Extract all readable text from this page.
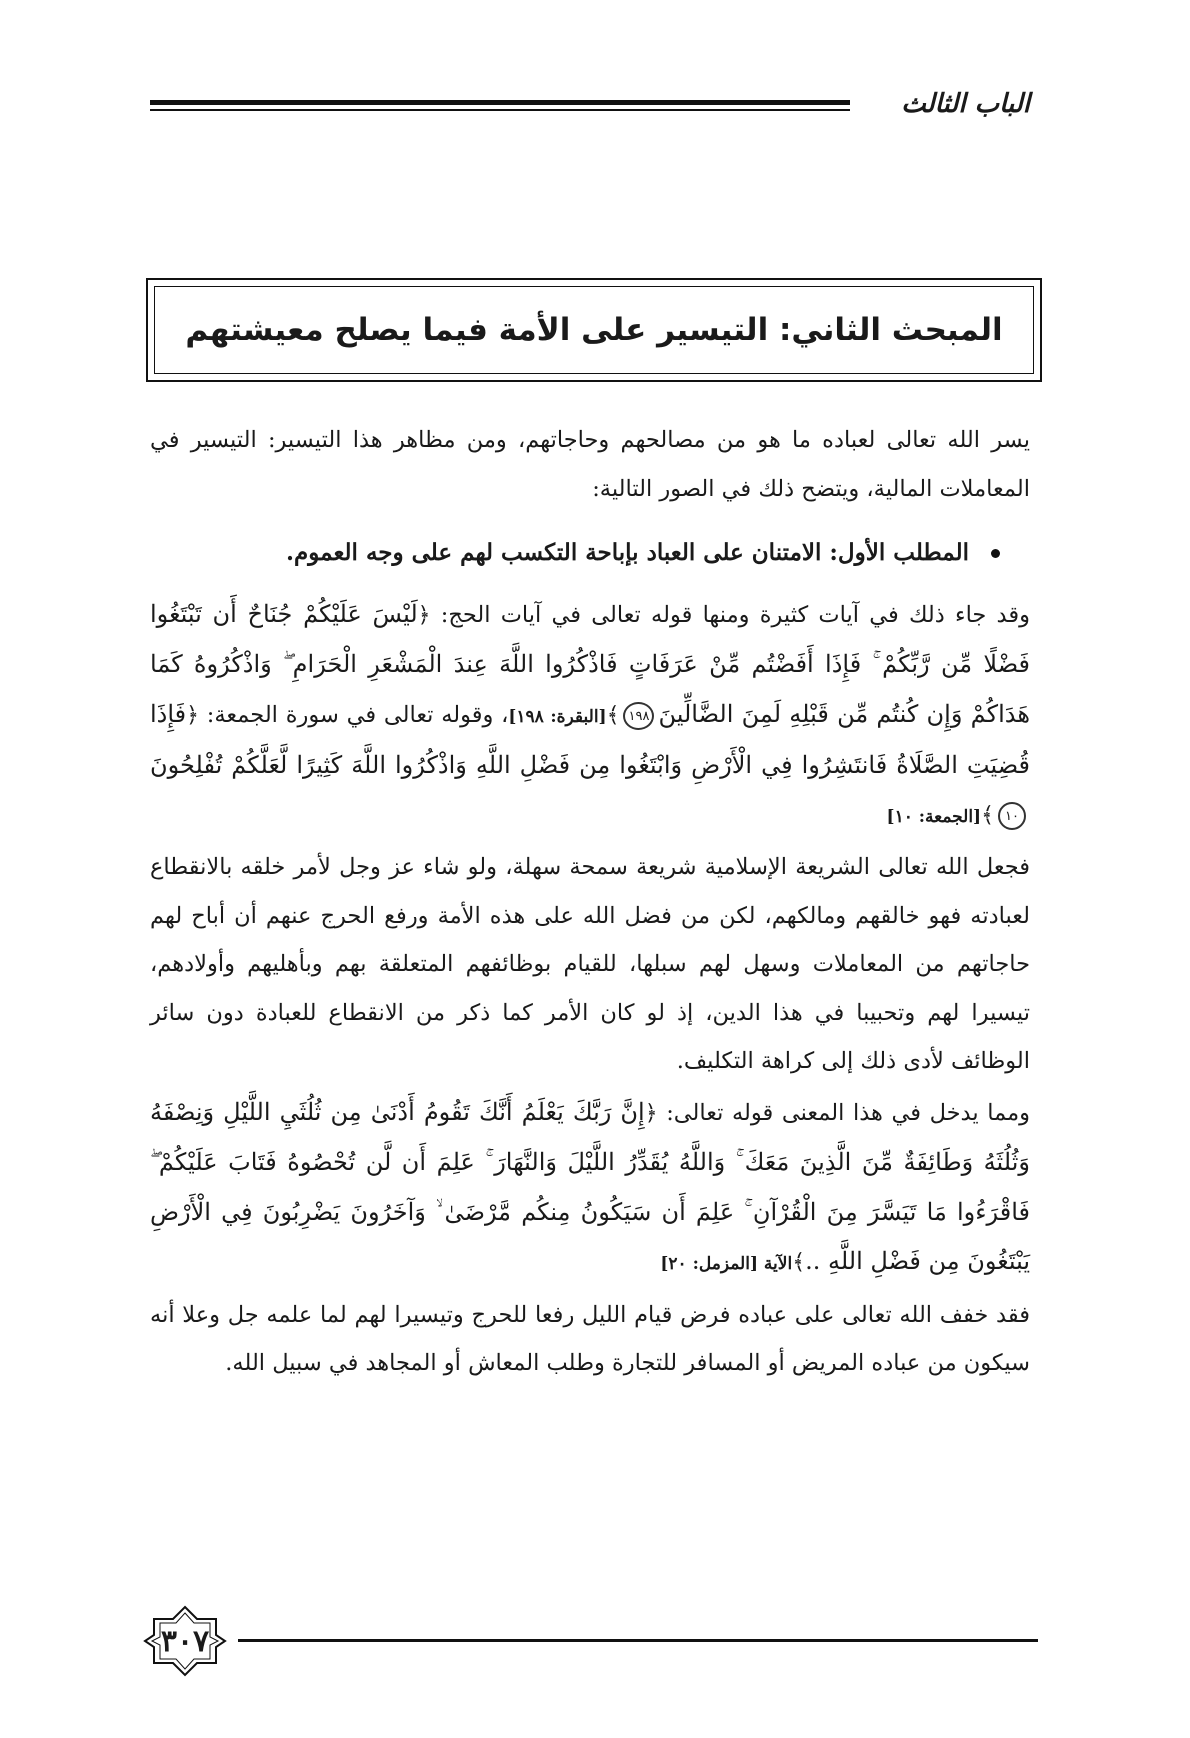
الباب الثالث
المبحث الثاني: التيسير على الأمة فيما يصلح معيشتهم

يسر الله تعالى لعباده ما هو من مصالحهم وحاجاتهم، ومن مظاهر هذا التيسير: التيسير في المعاملات المالية، ويتضح ذلك في الصور التالية:

المطلب الأول: الامتنان على العباد بإباحة التكسب لهم على وجه العموم.

وقد جاء ذلك في آيات كثيرة ومنها قوله تعالى في آيات الحج: ﴿لَيْسَ عَلَيْكُمْ جُنَاحٌ أَن تَبْتَغُوا فَضْلًا مِّن رَّبِّكُمْ ۚ فَإِذَا أَفَضْتُم مِّنْ عَرَفَاتٍ فَاذْكُرُوا اللَّهَ عِندَ الْمَشْعَرِ الْحَرَامِ ۖ وَاذْكُرُوهُ كَمَا هَدَاكُمْ وَإِن كُنتُم مِّن قَبْلِهِ لَمِنَ الضَّالِّينَ١٩٨﴾[البقرة: ١٩٨]، وقوله تعالى في سورة الجمعة: ﴿فَإِذَا قُضِيَتِ الصَّلَاةُ فَانتَشِرُوا فِي الْأَرْضِ وَابْتَغُوا مِن فَضْلِ اللَّهِ وَاذْكُرُوا اللَّهَ كَثِيرًا لَّعَلَّكُمْ تُفْلِحُونَ١٠﴾[الجمعة: ١٠]

فجعل الله تعالى الشريعة الإسلامية شريعة سمحة سهلة، ولو شاء عز وجل لأمر خلقه بالانقطاع لعبادته فهو خالقهم ومالكهم، لكن من فضل الله على هذه الأمة ورفع الحرج عنهم أن أباح لهم حاجاتهم من المعاملات وسهل لهم سبلها، للقيام بوظائفهم المتعلقة بهم وبأهليهم وأولادهم، تيسيرا لهم وتحبيبا في هذا الدين، إذ لو كان الأمر كما ذكر من الانقطاع للعبادة دون سائر الوظائف لأدى ذلك إلى كراهة التكليف.

ومما يدخل في هذا المعنى قوله تعالى: ﴿إِنَّ رَبَّكَ يَعْلَمُ أَنَّكَ تَقُومُ أَدْنَىٰ مِن ثُلُثَيِ اللَّيْلِ وَنِصْفَهُ وَثُلُثَهُ وَطَائِفَةٌ مِّنَ الَّذِينَ مَعَكَ ۚ وَاللَّهُ يُقَدِّرُ اللَّيْلَ وَالنَّهَارَ ۚ عَلِمَ أَن لَّن تُحْصُوهُ فَتَابَ عَلَيْكُمْ ۖ فَاقْرَءُوا مَا تَيَسَّرَ مِنَ الْقُرْآنِ ۚ عَلِمَ أَن سَيَكُونُ مِنكُم مَّرْضَىٰ ۙ وَآخَرُونَ يَضْرِبُونَ فِي الْأَرْضِ يَبْتَغُونَ مِن فَضْلِ اللَّهِ ..﴾الآية [المزمل: ٢٠]

فقد خفف الله تعالى على عباده فرض قيام الليل رفعا للحرج وتيسيرا لهم لما علمه جل وعلا أنه سيكون من عباده المريض أو المسافر للتجارة وطلب المعاش أو المجاهد في سبيل الله.

٣٠٧
